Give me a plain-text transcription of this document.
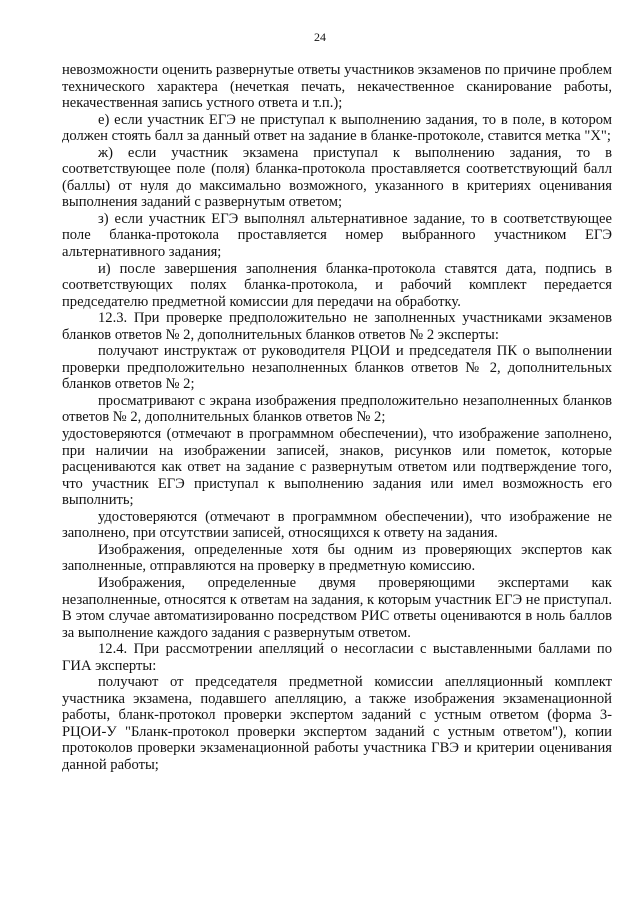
24

невозможности оценить развернутые ответы участников экзаменов по причине проблем технического характера (нечеткая печать, некачественное сканирование работы, некачественная запись устного ответа и т.п.);

е) если участник ЕГЭ не приступал к выполнению задания, то в поле, в котором должен стоять балл за данный ответ на задание в бланке-протоколе, ставится метка "X";

ж) если участник экзамена приступал к выполнению задания, то в соответствующее поле (поля) бланка-протокола проставляется соответствующий балл (баллы) от нуля до максимально возможного, указанного в критериях оценивания выполнения заданий с развернутым ответом;

з) если участник ЕГЭ выполнял альтернативное задание, то в соответствующее поле бланка-протокола проставляется номер выбранного участником ЕГЭ альтернативного задания;

и) после завершения заполнения бланка-протокола ставятся дата, подпись в соответствующих полях бланка-протокола, и рабочий комплект передается председателю предметной комиссии для передачи на обработку.

12.3. При проверке предположительно не заполненных участниками экзаменов бланков ответов № 2, дополнительных бланков ответов № 2 эксперты:

получают инструктаж от руководителя РЦОИ и председателя ПК о выполнении проверки предположительно незаполненных бланков ответов № 2, дополнительных бланков ответов № 2;

просматривают с экрана изображения предположительно незаполненных бланков ответов № 2, дополнительных бланков ответов № 2;

удостоверяются (отмечают в программном обеспечении), что изображение заполнено, при наличии на изображении записей, знаков, рисунков или пометок, которые расцениваются как ответ на задание с развернутым ответом или подтверждение того, что участник ЕГЭ приступал к выполнению задания или имел возможность его выполнить;

удостоверяются (отмечают в программном обеспечении), что изображение не заполнено, при отсутствии записей, относящихся к ответу на задания.

Изображения, определенные хотя бы одним из проверяющих экспертов как заполненные, отправляются на проверку в предметную комиссию.

Изображения, определенные двумя проверяющими экспертами как незаполненные, относятся к ответам на задания, к которым участник ЕГЭ не приступал. В этом случае автоматизированно посредством РИС ответы оцениваются в ноль баллов за выполнение каждого задания с развернутым ответом.

12.4. При рассмотрении апелляций о несогласии с выставленными баллами по ГИА эксперты:

получают от председателя предметной комиссии апелляционный комплект участника экзамена, подавшего апелляцию, а также изображения экзаменационной работы, бланк-протокол проверки экспертом заданий с устным ответом (форма 3-РЦОИ-У "Бланк-протокол проверки экспертом заданий с устным ответом"), копии протоколов проверки экзаменационной работы участника ГВЭ и критерии оценивания данной работы;
